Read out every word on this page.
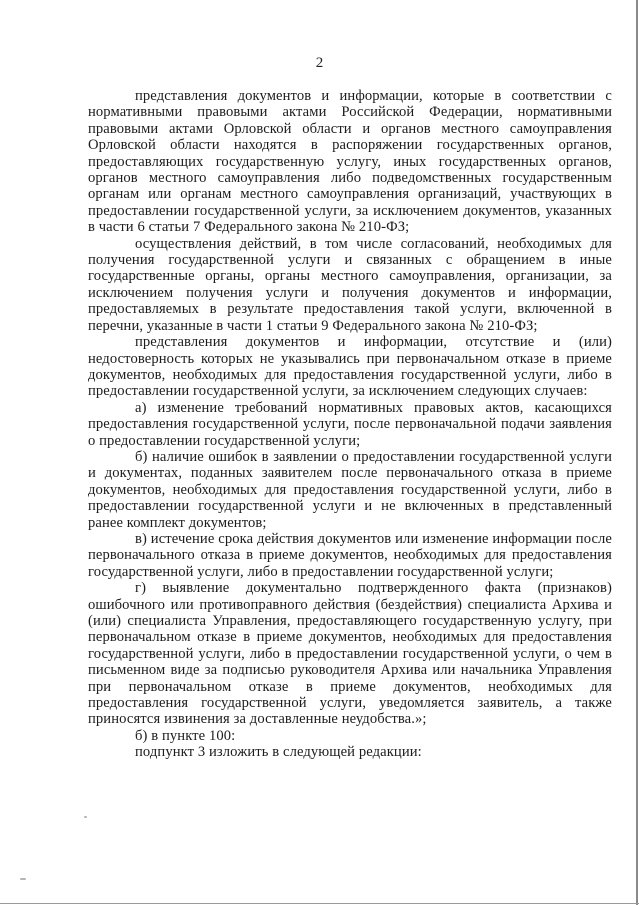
2

представления документов и информации, которые в соответствии с нормативными правовыми актами Российской Федерации, нормативными правовыми актами Орловской области и органов местного самоуправления Орловской области находятся в распоряжении государственных органов, предоставляющих государственную услугу, иных государственных органов, органов местного самоуправления либо подведомственных государственным органам или органам местного самоуправления организаций, участвующих в предоставлении государственной услуги, за исключением документов, указанных в части 6 статьи 7 Федерального закона № 210-ФЗ;

осуществления действий, в том числе согласований, необходимых для получения государственной услуги и связанных с обращением в иные государственные органы, органы местного самоуправления, организации, за исключением получения услуги и получения документов и информации, предоставляемых в результате предоставления такой услуги, включенной в перечни, указанные в части 1 статьи 9 Федерального закона № 210-ФЗ;

представления документов и информации, отсутствие и (или) недостоверность которых не указывались при первоначальном отказе в приеме документов, необходимых для предоставления государственной услуги, либо в предоставлении государственной услуги, за исключением следующих случаев:

а) изменение требований нормативных правовых актов, касающихся предоставления государственной услуги, после первоначальной подачи заявления о предоставлении государственной услуги;

б) наличие ошибок в заявлении о предоставлении государственной услуги и документах, поданных заявителем после первоначального отказа в приеме документов, необходимых для предоставления государственной услуги, либо в предоставлении государственной услуги и не включенных в представленный ранее комплект документов;

в) истечение срока действия документов или изменение информации после первоначального отказа в приеме документов, необходимых для предоставления государственной услуги, либо в предоставлении государственной услуги;

г) выявление документально подтвержденного факта (признаков) ошибочного или противоправного действия (бездействия) специалиста Архива и (или) специалиста Управления, предоставляющего государственную услугу, при первоначальном отказе в приеме документов, необходимых для предоставления государственной услуги, либо в предоставлении государственной услуги, о чем в письменном виде за подписью руководителя Архива или начальника Управления при первоначальном отказе в приеме документов, необходимых для предоставления государственной услуги, уведомляется заявитель, а также приносятся извинения за доставленные неудобства.»;

б) в пункте 100:

подпункт 3 изложить в следующей редакции:
